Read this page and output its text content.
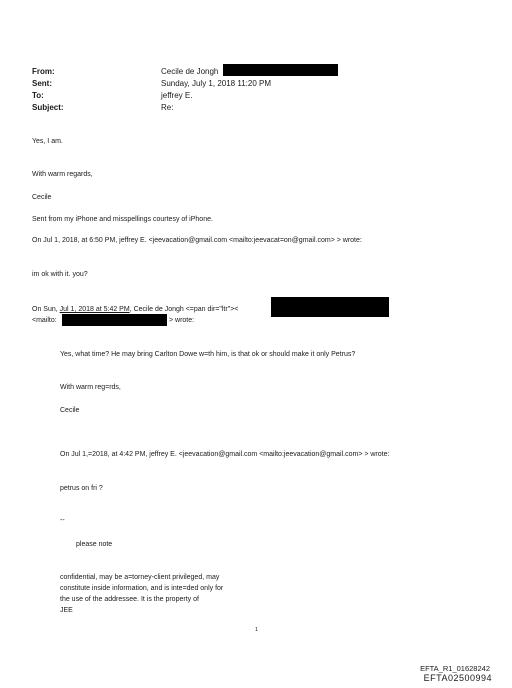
From:	Cecile de Jongh
Sent:	Sunday, July 1, 2018 11:20 PM
To:	jeffrey E.
Subject:	Re:
Yes, I am.
With warm regards,
Cecile
Sent from my iPhone and misspellings courtesy of iPhone.
On Jul 1, 2018, at 6:50 PM, jeffrey E. <jeevacation@gmail.com <mailto:jeevacat=on@gmail.com> > wrote:
im ok with it. you?
On Sun, Jul 1, 2018 at 5:42 PM, Cecile de Jongh <=pan dir="ltr"><
<mailto:	> wrote:
Yes, what time? He may bring Carlton Dowe w=th him, is that ok or should make it only Petrus?
With warm reg=rds,
Cecile
On Jul 1,=2018, at 4:42 PM, jeffrey E. <jeevacation@gmail.com <mailto:jeevacation@gmail.com> > wrote:
petrus on fri ?
--
please note
confidential, may be a=torney-client privileged, may
constitute inside information, and is inte=ded only for
the use of the addressee. It is the property of
JEE
1
EFTA_R1_01628242
EFTA02500994
